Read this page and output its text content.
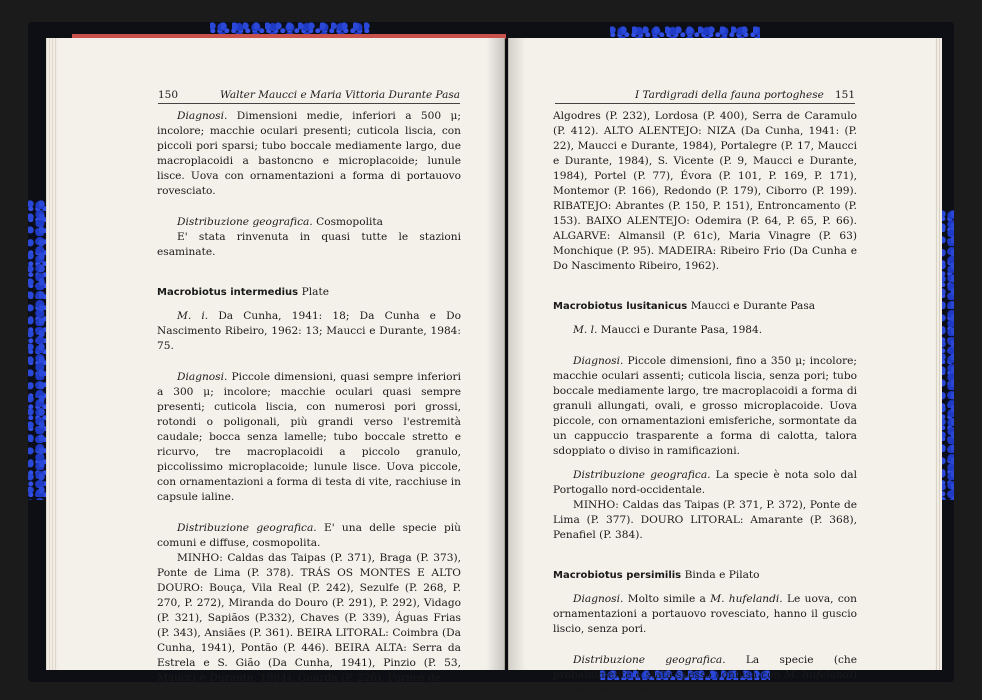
150	Walter Maucci e Maria Vittoria Durante Pasa

Diagnosi. Dimensioni medie, inferiori a 500 μ; incolore; macchie oculari presenti; cuticola liscia, con piccoli pori sparsi; tubo boccale mediamente largo, due macroplacoidi a bastoncno e microplacoide; lunule lisce. Uova con ornamentazioni a forma di portauovo rovesciato.

Distribuzione geografica. Cosmopolita

E' stata rinvenuta in quasi tutte le stazioni esaminate.

Macrobiotus intermedius Plate

M. i. Da Cunha, 1941: 18; Da Cunha e Do Nascimento Ribeiro, 1962: 13; Maucci e Durante, 1984: 75.

Diagnosi. Piccole dimensioni, quasi sempre inferiori a 300 μ; incolore; macchie oculari quasi sempre presenti; cuticola liscia, con numerosi pori grossi, rotondi o poligonali, più grandi verso l'estremità caudale; bocca senza lamelle; tubo boccale stretto e ricurvo, tre macroplacoidi a piccolo granulo, piccolissimo microplacoide; lunule lisce. Uova piccole, con ornamentazioni a forma di testa di vite, racchiuse in capsule ialine.

Distribuzione geografica. E' una delle specie più comuni e diffuse, cosmopolita.

MINHO: Caldas das Taipas (P. 371), Braga (P. 373), Ponte de Lima (P. 378). TRÁS OS MONTES E ALTO DOURO: Bouça, Vila Real (P. 242), Sezulfe (P. 268, P. 270, P. 272), Miranda do Douro (P. 291), P. 292), Vidago (P. 321), Sapiãos (P.332), Chaves (P. 339), Águas Frias (P. 343), Ansiães (P. 361). BEIRA LITORAL: Coimbra (Da Cunha, 1941), Pontão (P. 446). BEIRA ALTA: Serra da Estrela e S. Gião (Da Cunha, 1941), Pinzio (P. 53, Maucci e Durante, 1984), Guarda (P. 226), Fornos de

I Tardigradi della fauna portoghese 151

Algodres (P. 232), Lordosa (P. 400), Serra de Caramulo (P. 412). ALTO ALENTEJO: NIZA (Da Cunha, 1941: (P. 22), Maucci e Durante, 1984), Portalegre (P. 17, Maucci e Durante, 1984), S. Vicente (P. 9, Maucci e Durante, 1984), Portel (P. 77), Évora (P. 101, P. 169, P. 171), Montemor (P. 166), Redondo (P. 179), Ciborro (P. 199). RIBATEJO: Abrantes (P. 150, P. 151), Entroncamento (P. 153). BAIXO ALENTEJO: Odemira (P. 64, P. 65, P. 66). ALGARVE: Almansil (P. 61c), Maria Vinagre (P. 63) Monchique (P. 95). MADEIRA: Ribeiro Frio (Da Cunha e Do Nascimento Ribeiro, 1962).

Macrobiotus lusitanicus Maucci e Durante Pasa

M. l. Maucci e Durante Pasa, 1984.

Diagnosi. Piccole dimensioni, fino a 350 μ; incolore; macchie oculari assenti; cuticola liscia, senza pori; tubo boccale mediamente largo, tre macroplacoidi a forma di granuli allungati, ovali, e grosso microplacoide. Uova piccole, con ornamentazioni emisferiche, sormontate da un cappuccio trasparente a forma di calotta, talora sdoppiato o diviso in ramificazioni.

Distribuzione geografica. La specie è nota solo dal Portogallo nord-occidentale.

MINHO: Caldas das Taipas (P. 371, P. 372), Ponte de Lima (P. 377). DOURO LITORAL: Amarante (P. 368), Penafiel (P. 384).

Macrobiotus persimilis Binda e Pilato

Diagnosi. Molto simile a M. hufelandi. Le uova, con ornamentazioni a portauovo rovesciato, hanno il guscio liscio, senza pori.

Distribuzione geografica. La specie (che probabilmente è stata spesso confusa con M. hufelandi) è citata per la zona
